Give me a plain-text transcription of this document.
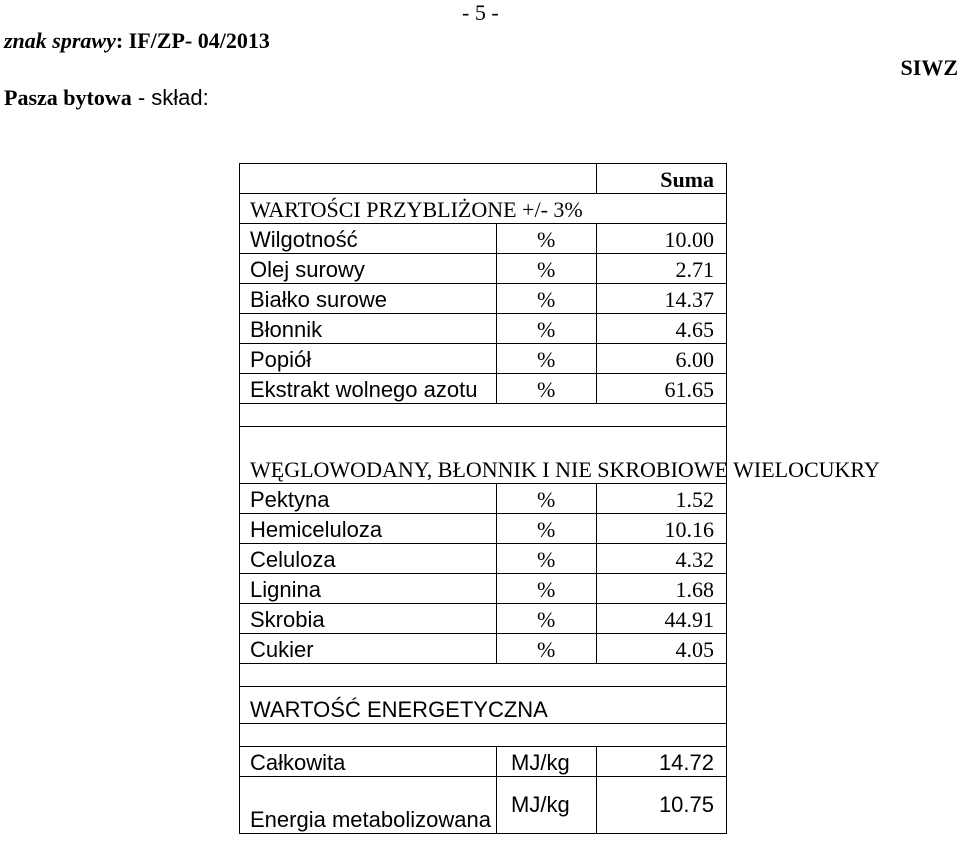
- 5 -
znak sprawy: IF/ZP- 04/2013
SIWZ
Pasza bytowa - skład:
		Suma
WARTOŚCI PRZYBLIŻONE +/- 3%		
Wilgotność	%	10.00
Olej surowy	%	2.71
Białko surowe	%	14.37
Błonnik	%	4.65
Popiół	%	6.00
Ekstrakt wolnego azotu	%	61.65

WĘGLOWODANY, BŁONNIK I NIE SKROBIOWE WIELOCUKRY		
Pektyna	%	1.52
Hemiceluloza	%	10.16
Celuloza	%	4.32
Lignina	%	1.68
Skrobia	%	44.91
Cukier	%	4.05

WARTOŚĆ ENERGETYCZNA		

Całkowita	MJ/kg	14.72
Energia metabolizowana	MJ/kg	10.75
